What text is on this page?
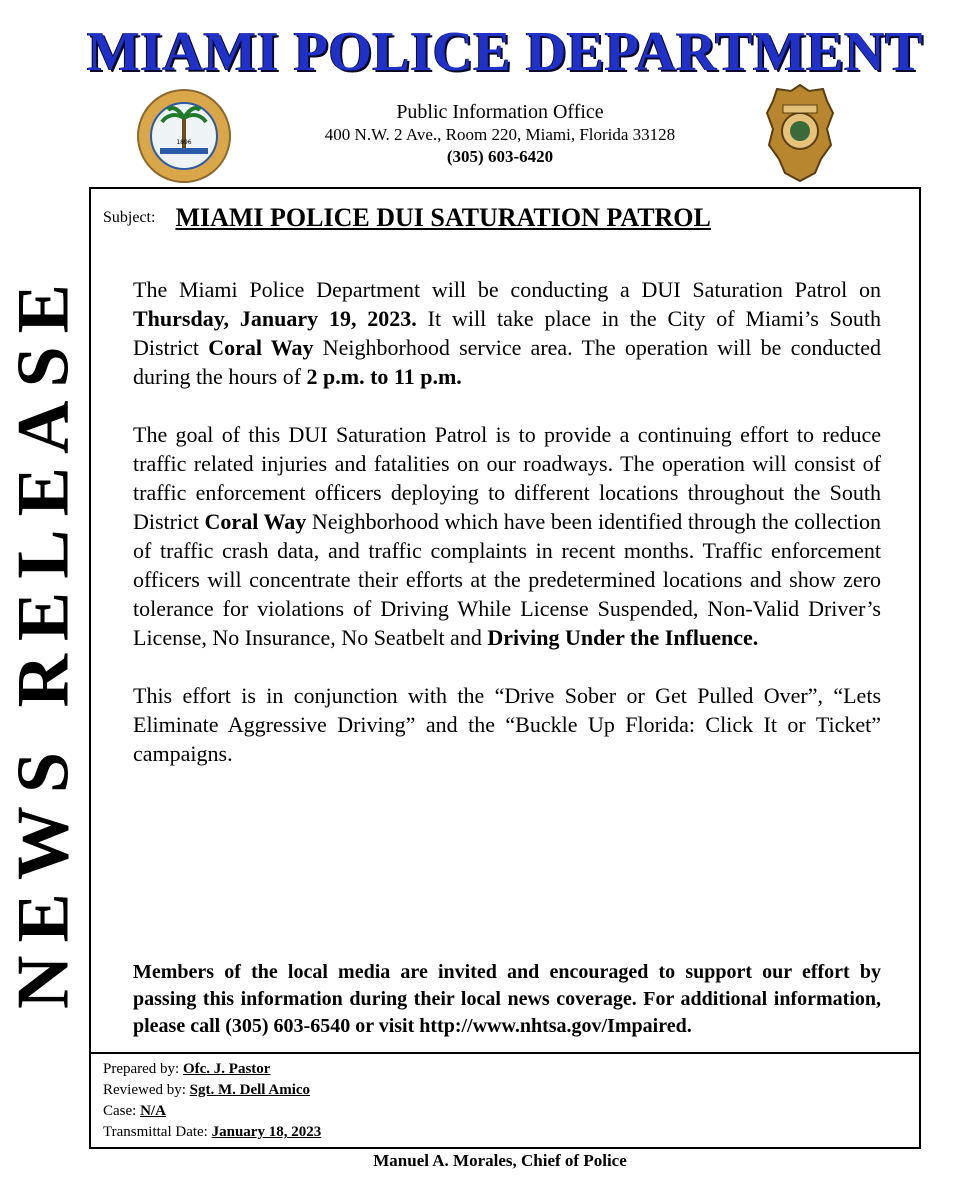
MIAMI POLICE DEPARTMENT
1896
Public Information Office
400 N.W. 2 Ave., Room 220, Miami, Florida 33128
(305) 603-6420
NEWS RELEASE
Subject: MIAMI POLICE DUI SATURATION PATROL

The Miami Police Department will be conducting a DUI Saturation Patrol on Thursday, January 19, 2023. It will take place in the City of Miami’s South District Coral Way Neighborhood service area. The operation will be conducted during the hours of 2 p.m. to 11 p.m.

The goal of this DUI Saturation Patrol is to provide a continuing effort to reduce traffic related injuries and fatalities on our roadways. The operation will consist of traffic enforcement officers deploying to different locations throughout the South District Coral Way Neighborhood which have been identified through the collection of traffic crash data, and traffic complaints in recent months. Traffic enforcement officers will concentrate their efforts at the predetermined locations and show zero tolerance for violations of Driving While License Suspended, Non-Valid Driver’s License, No Insurance, No Seatbelt and Driving Under the Influence.

This effort is in conjunction with the “Drive Sober or Get Pulled Over”, “Lets Eliminate Aggressive Driving” and the “Buckle Up Florida: Click It or Ticket” campaigns.

Members of the local media are invited and encouraged to support our effort by passing this information during their local news coverage. For additional information, please call (305) 603-6540 or visit http://www.nhtsa.gov/Impaired.
Prepared by: Ofc. J. Pastor
Reviewed by: Sgt. M. Dell Amico
Case: N/A
Transmittal Date: January 18, 2023
Manuel A. Morales, Chief of Police
